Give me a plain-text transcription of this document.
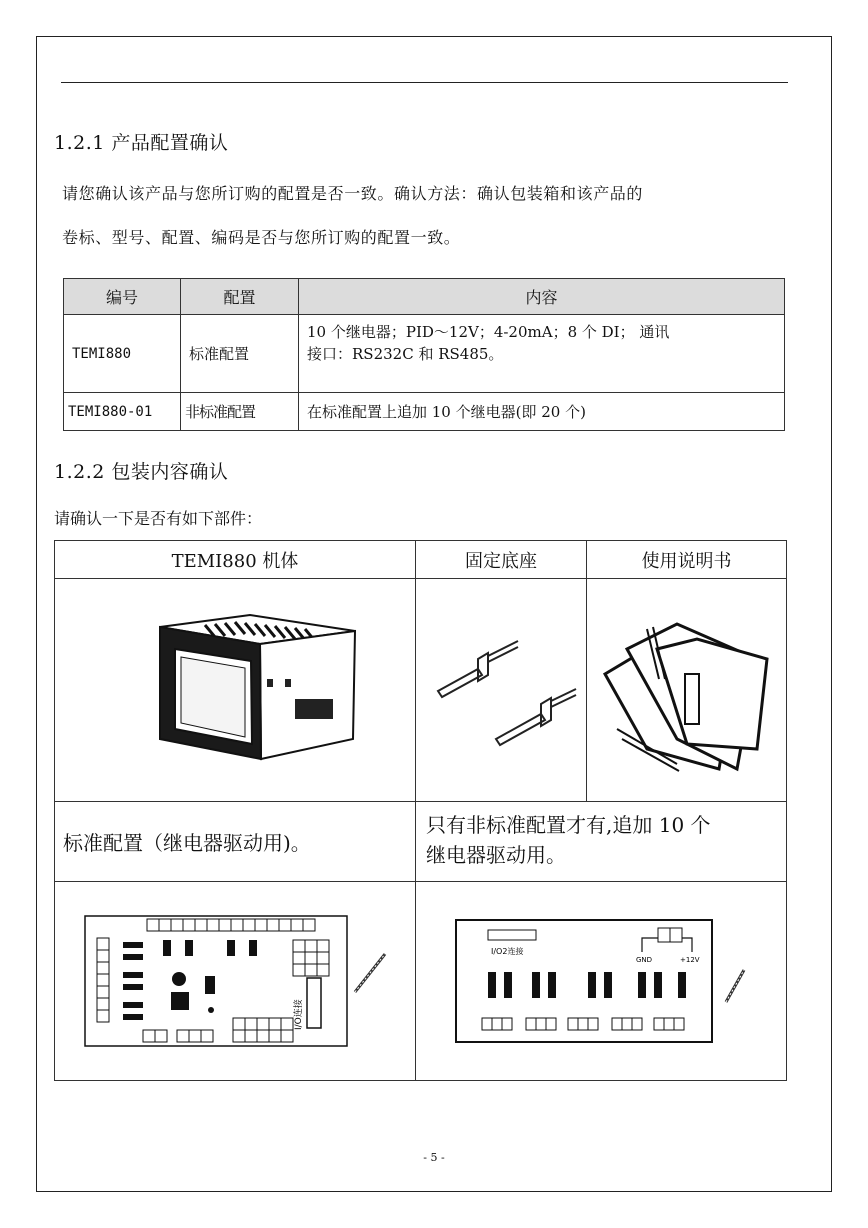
1.2.1 产品配置确认
请您确认该产品与您所订购的配置是否一致。确认方法：确认包装箱和该产品的
卷标、型号、配置、编码是否与您所订购的配置一致。
编号	配置	内容
TEMI880	标准配置	10 个继电器；PID～12V；4-20mA；8 个 DI； 通讯
接口：RS232C 和 RS485。

TEMI880-01	非标准配置	在标准配置上追加 10 个继电器(即 20 个)
1.2.2 包装内容确认
请确认一下是否有如下部件：
TEMI880 机体	固定底座	使用说明书

标准配置（继电器驱动用)。	只有非标准配置才有,追加 10 个
继电器驱动用。	

I/O连接	I/O2连接
GND +12V	
- 5 -
